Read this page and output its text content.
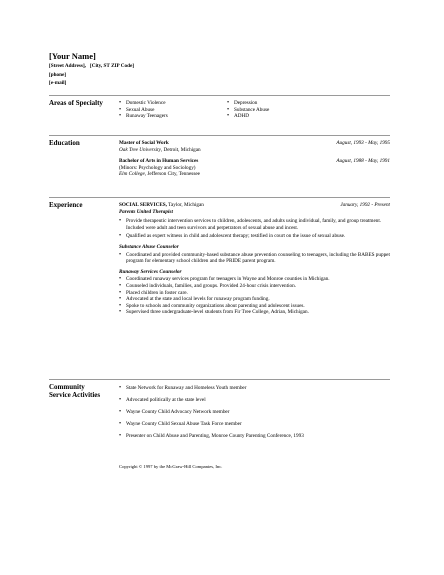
[Your Name]
[Street Address], [City, ST ZIP Code]
[phone]
[e-mail]
Areas of Specialty
•	Domestic Violence
• Sexual Abuse
• Runaway Teenagers
• Depression
• Substance Abuse
• ADHD
Education	Master of Social Work
Oak Tree University, Detroit, Michigan
August, 1993 - May, 1995
Bachelor of Arts in Human Services
(Minors: Psychology and Sociology)
Elm College, Jefferson City, Tennessee
August, 1988 - May, 1991
Experience	SOCIAL SERVICES, Taylor, Michigan	January, 1992 - Present
Parents United Therapist
• Provide therapeutic intervention services to children, adolescents, and adults using individual, family, and group treatment. Included were adult and teen survivors and perpetrators of sexual abuse and incest.
• Qualified as expert witness in child and adolescent therapy; testified in court on the issue of sexual abuse.
Substance Abuse Counselor
• Coordinated and provided community-based substance abuse prevention counseling to teenagers, including the BABES puppet program for elementary school children and the PRIDE parent program.
Runaway Services Counselor
• Coordinated runaway services program for teenagers in Wayne and Monroe counties in Michigan.
• Counseled individuals, families, and groups. Provided 24-hour crisis intervention.
• Placed children in foster care.
• Advocated at the state and local levels for runaway program funding.
• Spoke to schools and community organizations about parenting and adolescent issues.
• Supervised three undergraduate-level students from Fir Tree College, Adrian, Michigan.
Community
Service Activities
• State Network for Runaway and Homeless Youth member
• Advocated politically at the state level
• Wayne County Child Advocacy Network member
• Wayne County Child Sexual Abuse Task Force member
• Presenter on Child Abuse and Parenting, Monroe County Parenting Conference, 1993
Copyright © 1997 by the McGraw-Hill Companies, Inc.
